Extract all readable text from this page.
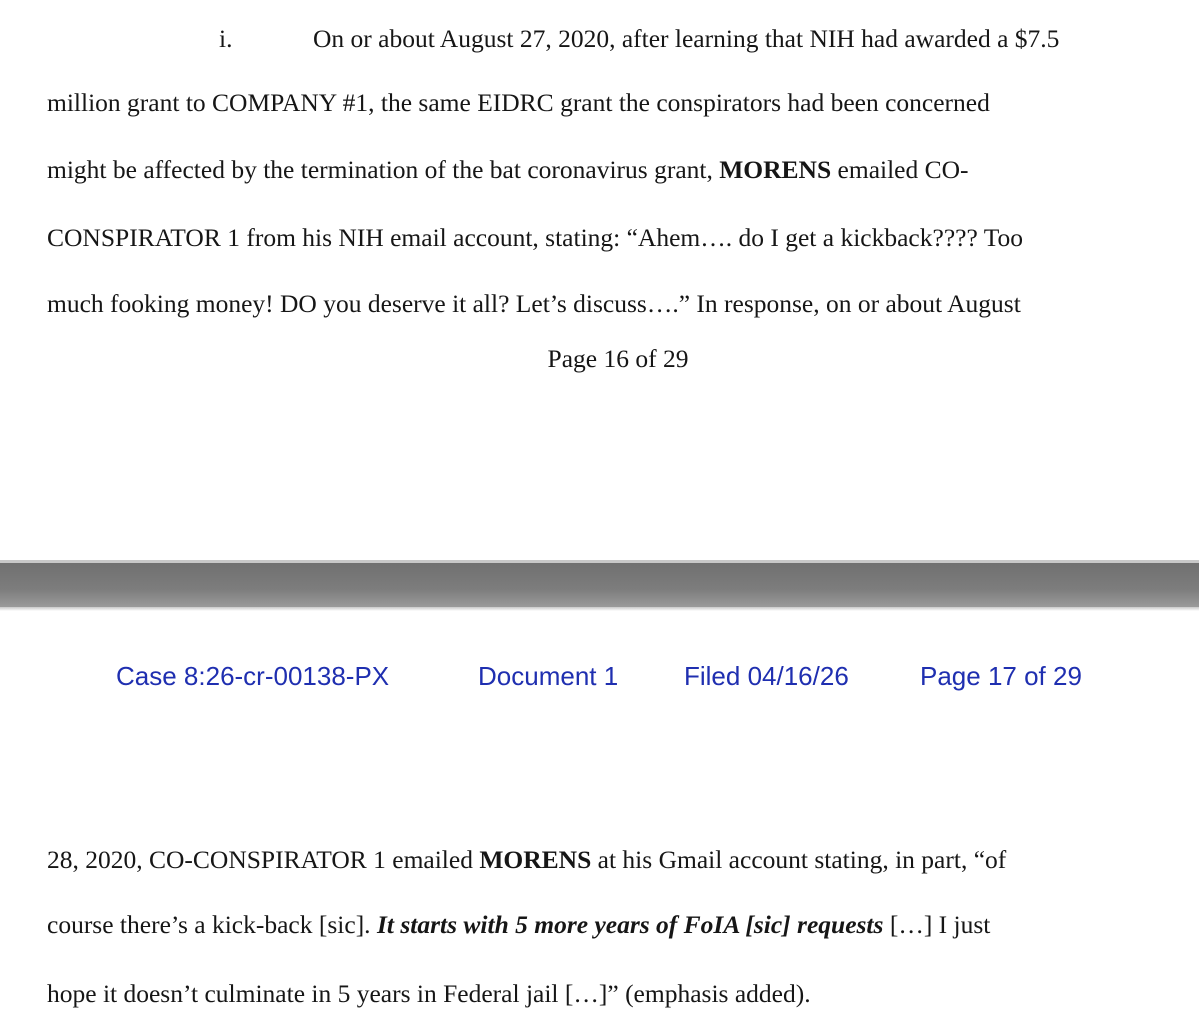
i.	On or about August 27, 2020, after learning that NIH had awarded a $7.5
million grant to COMPANY #1, the same EIDRC grant the conspirators had been concerned
might be affected by the termination of the bat coronavirus grant, MORENS emailed CO-
CONSPIRATOR 1 from his NIH email account, stating: “Ahem…. do I get a kickback???? Too
much fooking money! DO you deserve it all? Let’s discuss….” In response, on or about August
Page 16 of 29
Case 8:26-cr-00138-PX	Document 1	Filed 04/16/26	Page 17 of 29
28, 2020, CO-CONSPIRATOR 1 emailed MORENS at his Gmail account stating, in part, “of
course there’s a kick-back [sic]. It starts with 5 more years of FoIA [sic] requests […] I just
hope it doesn’t culminate in 5 years in Federal jail […]” (emphasis added).
